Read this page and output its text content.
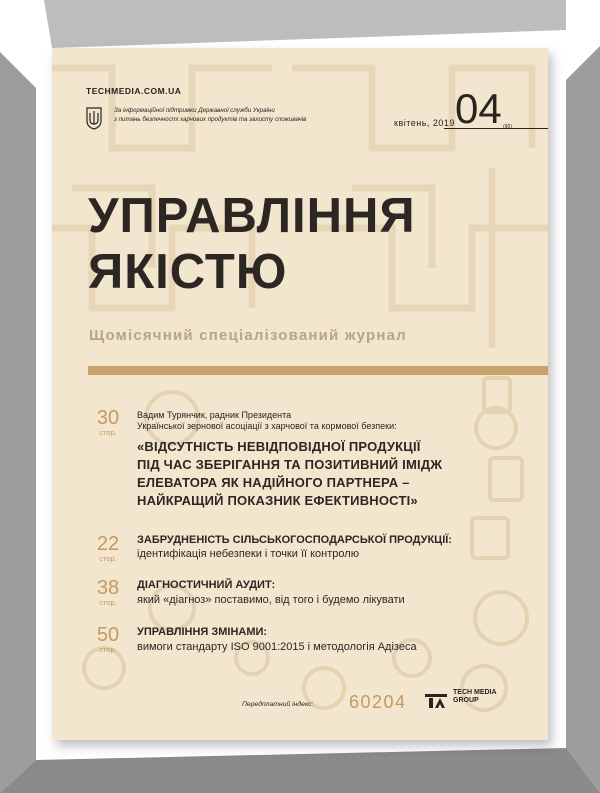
TECHMEDIA.COM.UA
За інформаційної підтримки Державної служби України
з питань безпечності харчових продуктів та захисту споживачів	квітень, 2019 04 (90)
УПРАВЛІННЯ
ЯКІСТЮ
Щомісячний спеціалізований журнал
30
стор.
Вадим Турянчик, радник Президента
Української зернової асоціації з харчової та кормової безпеки:
«ВІДСУТНІСТЬ НЕВІДПОВІДНОЇ ПРОДУКЦІЇ
ПІД ЧАС ЗБЕРІГАННЯ ТА ПОЗИТИВНИЙ ІМІДЖ
ЕЛЕВАТОРА ЯК НАДІЙНОГО ПАРТНЕРА –
НАЙКРАЩИЙ ПОКАЗНИК ЕФЕКТИВНОСТІ»
22
стор.
ЗАБРУДНЕНІСТЬ СІЛЬСЬКОГОСПОДАРСЬКОЇ ПРОДУКЦІЇ:
ідентифікація небезпеки і точки її контролю
38
стор.
ДІАГНОСТИЧНИЙ АУДИТ:
який «діагноз» поставимо, від того і будемо лікувати
50
стор.
УПРАВЛІННЯ ЗМІНАМИ:
вимоги стандарту ISO 9001:2015 і методологія Адізеса
Передплатний індекс: 60204	TECH MEDIA
GROUP
